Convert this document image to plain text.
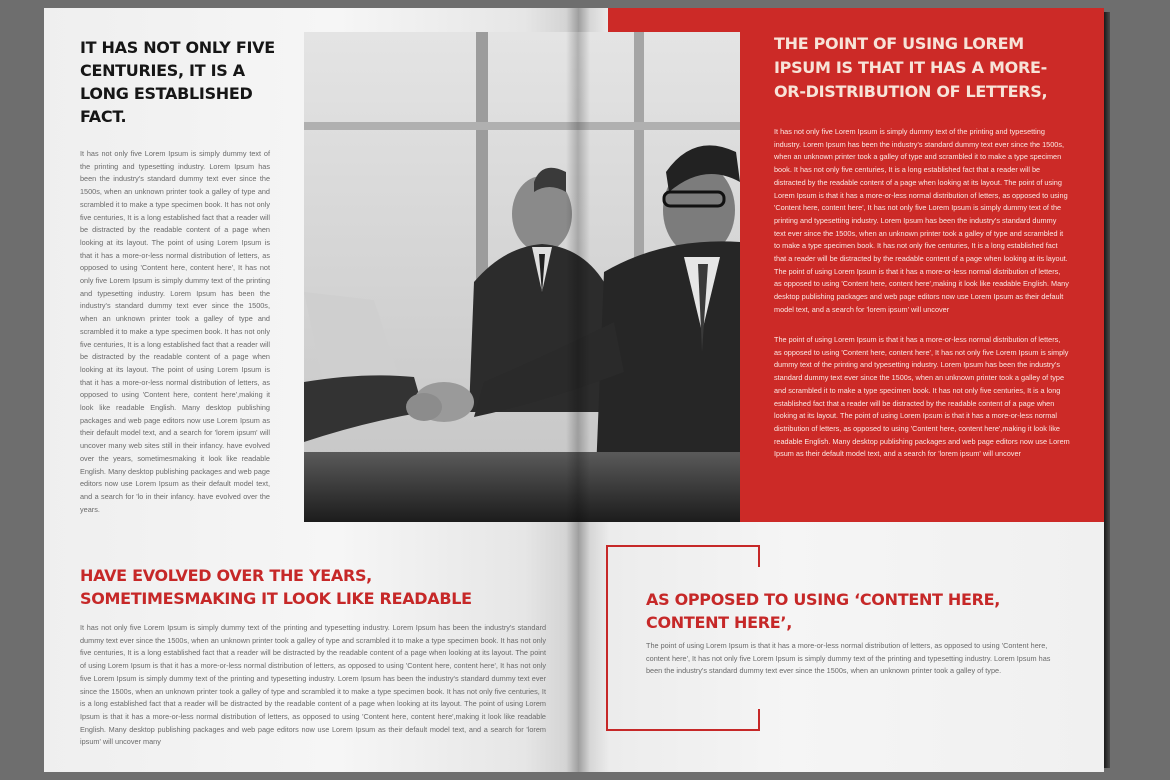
IT HAS NOT ONLY FIVE CENTURIES, IT IS A LONG ESTABLISHED FACT.

It has not only five Lorem Ipsum is simply dummy text of the printing and typesetting industry. Lorem Ipsum has been the industry's standard dummy text ever since the 1500s, when an unknown printer took a galley of type and scrambled it to make a type specimen book. It has not only five centuries, It is a long established fact that a reader will be distracted by the readable content of a page when looking at its layout. The point of using Lorem Ipsum is that it has a more-or-less normal distribution of letters, as opposed to using 'Content here, content here', It has not only five Lorem Ipsum is simply dummy text of the printing and typesetting industry. Lorem Ipsum has been the industry's standard dummy text ever since the 1500s, when an unknown printer took a galley of type and scrambled it to make a type specimen book. It has not only five centuries, It is a long established fact that a reader will be distracted by the readable content of a page when looking at its layout. The point of using Lorem Ipsum is that it has a more-or-less normal distribution of letters, as opposed to using 'Content here, content here',making it look like readable English. Many desktop publishing packages and web page editors now use Lorem Ipsum as their default model text, and a search for 'lorem ipsum' will uncover many web sites still in their infancy. have evolved over the years, sometimesmaking it look like readable English. Many desktop publishing packages and web page editors now use Lorem Ipsum as their default model text, and a search for 'lo in their infancy. have evolved over the years.

HAVE EVOLVED OVER THE YEARS, SOMETIMESMAKING IT LOOK LIKE READABLE

It has not only five Lorem Ipsum is simply dummy text of the printing and typesetting industry. Lorem Ipsum has been the industry's standard dummy text ever since the 1500s, when an unknown printer took a galley of type and scrambled it to make a type specimen book. It has not only five centuries, It is a long established fact that a reader will be distracted by the readable content of a page when looking at its layout. The point of using Lorem Ipsum is that it has a more-or-less normal distribution of letters, as opposed to using 'Content here, content here', It has not only five Lorem Ipsum is simply dummy text of the printing and typesetting industry. Lorem Ipsum has been the industry's standard dummy text ever since the 1500s, when an unknown printer took a galley of type and scrambled it to make a type specimen book. It has not only five centuries, It is a long established fact that a reader will be distracted by the readable content of a page when looking at its layout. The point of using Lorem Ipsum is that it has a more-or-less normal distribution of letters, as opposed to using 'Content here, content here',making it look like readable English. Many desktop publishing packages and web page editors now use Lorem Ipsum as their default model text, and a search for 'lorem ipsum' will uncover many

THE POINT OF USING LOREM IPSUM IS THAT IT HAS A MORE-OR-DISTRIBUTION OF LETTERS,

It has not only five Lorem Ipsum is simply dummy text of the printing and typesetting industry. Lorem Ipsum has been the industry's standard dummy text ever since the 1500s, when an unknown printer took a galley of type and scrambled it to make a type specimen book. It has not only five centuries, It is a long established fact that a reader will be distracted by the readable content of a page when looking at its layout. The point of using Lorem Ipsum is that it has a more-or-less normal distribution of letters, as opposed to using 'Content here, content here', It has not only five Lorem Ipsum is simply dummy text of the printing and typesetting industry. Lorem Ipsum has been the industry's standard dummy text ever since the 1500s, when an unknown printer took a galley of type and scrambled it to make a type specimen book. It has not only five centuries, It is a long established fact that a reader will be distracted by the readable content of a page when looking at its layout. The point of using Lorem Ipsum is that it has a more-or-less normal distribution of letters, as opposed to using 'Content here, content here',making it look like readable English. Many desktop publishing packages and web page editors now use Lorem Ipsum as their default model text, and a search for 'lorem ipsum' will uncover

The point of using Lorem Ipsum is that it has a more-or-less normal distribution of letters, as opposed to using 'Content here, content here', It has not only five Lorem Ipsum is simply dummy text of the printing and typesetting industry. Lorem Ipsum has been the industry's standard dummy text ever since the 1500s, when an unknown printer took a galley of type and scrambled it to make a type specimen book. It has not only five centuries, It is a long established fact that a reader will be distracted by the readable content of a page when looking at its layout. The point of using Lorem Ipsum is that it has a more-or-less normal distribution of letters, as opposed to using 'Content here, content here',making it look like readable English. Many desktop publishing packages and web page editors now use Lorem Ipsum as their default model text, and a search for 'lorem ipsum' will uncover

AS OPPOSED TO USING ‘CONTENT HERE, CONTENT HERE’,

The point of using Lorem Ipsum is that it has a more-or-less normal distribution of letters, as opposed to using 'Content here, content here', It has not only five Lorem Ipsum is simply dummy text of the printing and typesetting industry. Lorem Ipsum has been the industry's standard dummy text ever since the 1500s, when an unknown printer took a galley of type.
